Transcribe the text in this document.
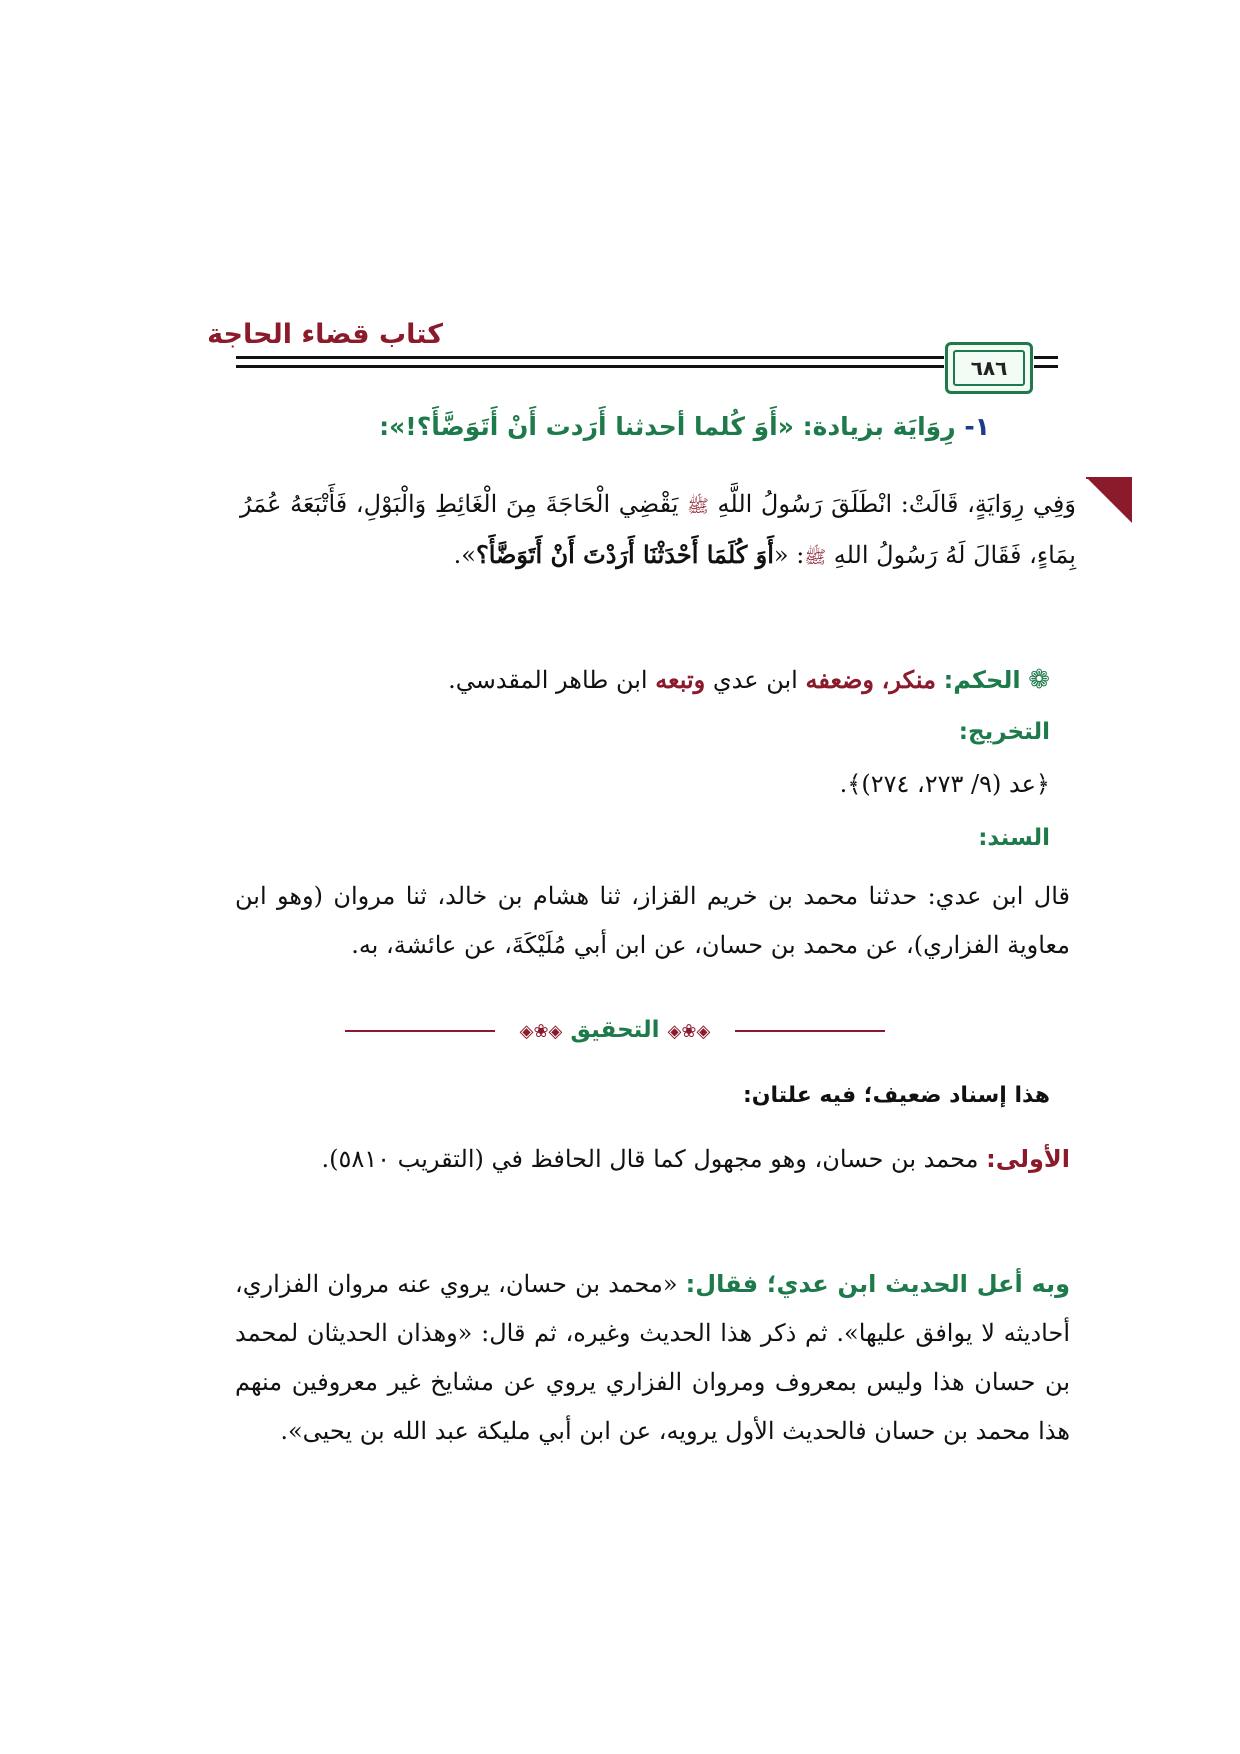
كتاب قضاء الحاجة
٦٨٦
١- رِوَايَة بزيادة: «أَوَ كُلما أحدثنا أَرَدت أَنْ أَتَوَضَّأَ؟!»:
وَفِي رِوَايَةٍ، قَالَتْ: انْطَلَقَ رَسُولُ اللَّهِ ﷺ يَقْضِي الْحَاجَةَ مِنَ الْغَائِطِ وَالْبَوْلِ، فَأَتْبَعَهُ عُمَرُ بِمَاءٍ، فَقَالَ لَهُ رَسُولُ اللهِ ﷺ: «أَوَ كُلَمَا أَحْدَثْنَا أَرَدْتَ أَنْ أَتَوَضَّأَ؟».
❁ الحكم: منكر، وضعفه ابن عدي وتبعه ابن طاهر المقدسي.
التخريج:
﴿عد (٩/ ٢٧٣، ٢٧٤)﴾.
السند:
قال ابن عدي: حدثنا محمد بن خريم القزاز، ثنا هشام بن خالد، ثنا مروان (وهو ابن معاوية الفزاري)، عن محمد بن حسان، عن ابن أبي مُلَيْكَةَ، عن عائشة، به.
◈❀◈ التحقيق ◈❀◈
هذا إسناد ضعيف؛ فيه علتان:
الأولى: محمد بن حسان، وهو مجهول كما قال الحافظ في (التقريب ٥٨١٠).
وبه أعل الحديث ابن عدي؛ فقال: «محمد بن حسان، يروي عنه مروان الفزاري، أحاديثه لا يوافق عليها». ثم ذكر هذا الحديث وغيره، ثم قال: «وهذان الحديثان لمحمد بن حسان هذا وليس بمعروف ومروان الفزاري يروي عن مشايخ غير معروفين منهم هذا محمد بن حسان فالحديث الأول يرويه، عن ابن أبي مليكة عبد الله بن يحيى».
